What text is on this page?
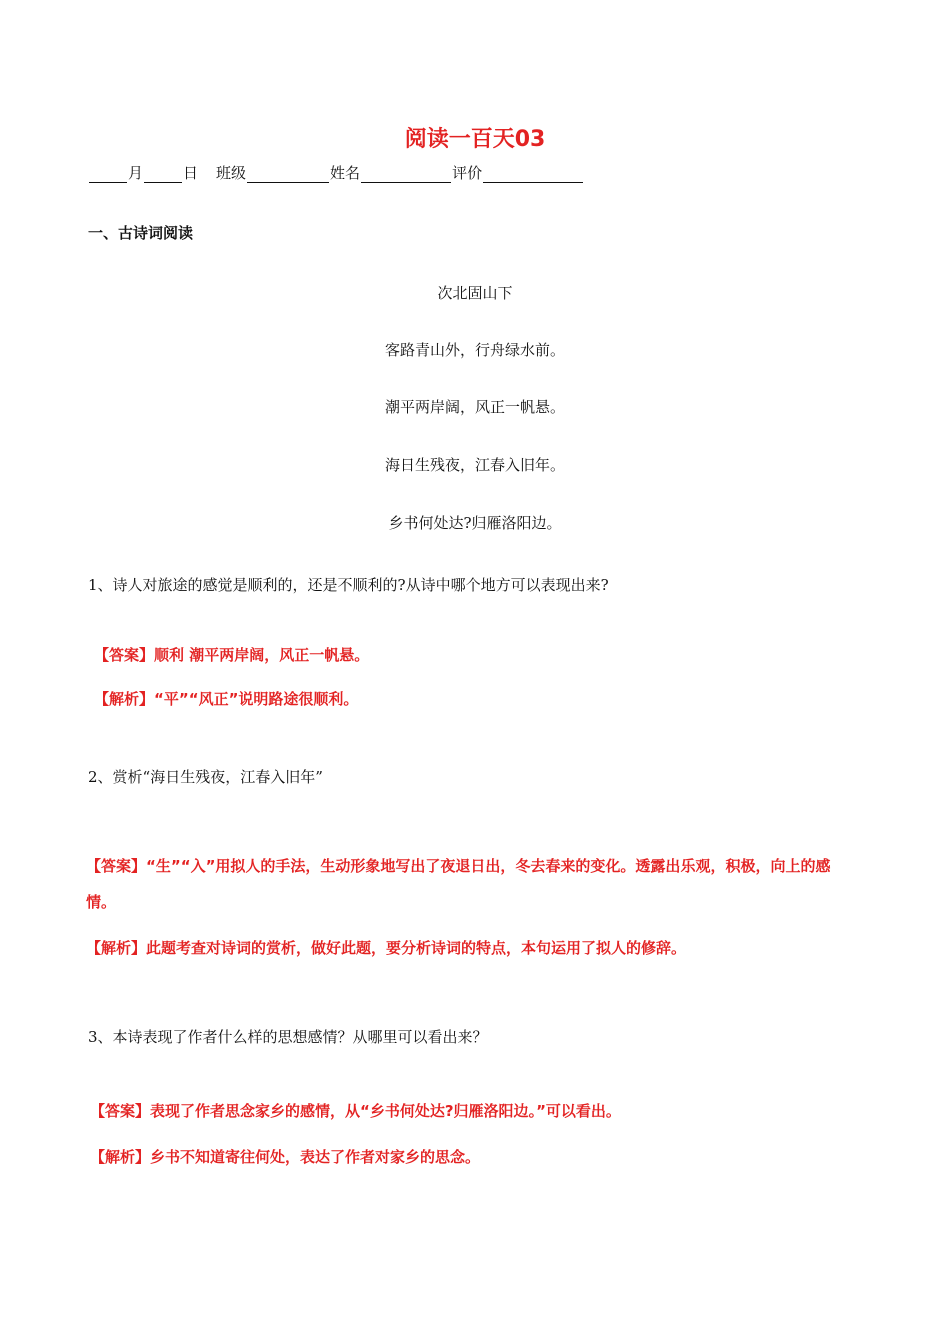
阅读一百天03
月	日 班级	姓名	评价
一、古诗词阅读
次北固山下
客路青山外，行舟绿水前。
潮平两岸阔，风正一帆悬。
海日生残夜，江春入旧年。
乡书何处达?归雁洛阳边。
1、诗人对旅途的感觉是顺利的，还是不顺利的?从诗中哪个地方可以表现出来?
【答案】顺利 潮平两岸阔，风正一帆悬。
【解析】“平”“风正”说明路途很顺利。
2、赏析“海日生残夜，江春入旧年”
【答案】“生”“入”用拟人的手法，生动形象地写出了夜退日出，冬去春来的变化。透露出乐观，积极，向上的感情。
【解析】此题考查对诗词的赏析，做好此题，要分析诗词的特点，本句运用了拟人的修辞。
3、本诗表现了作者什么样的思想感情？从哪里可以看出来？
【答案】表现了作者思念家乡的感情，从“乡书何处达?归雁洛阳边。”可以看出。
【解析】乡书不知道寄往何处，表达了作者对家乡的思念。
